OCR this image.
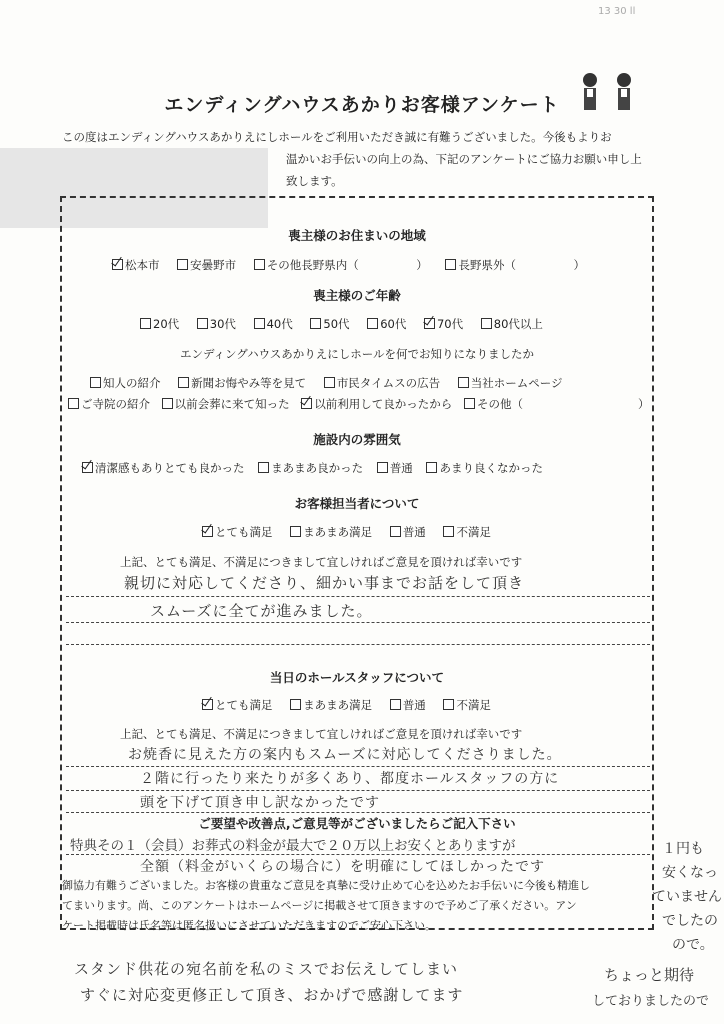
13 30 ll
エンディングハウスあかりお客様アンケート
この度はエンディングハウスあかりえにしホールをご利用いただき誠に有難うございました。今後もよりお
温かいお手伝いの向上の為、下記のアンケートにご協力お願い申し上
致します。
喪主様のお住まいの地域
松本市	安曇野市	その他長野県内（　　　　　）	長野県外（　　　　　）
喪主様のご年齢
20代	30代	40代	50代	60代	70代	80代以上
エンディングハウスあかりえにしホールを何でお知りになりましたか
知人の紹介	新聞お悔やみ等を見て	市民タイムスの広告	当社ホームページ
ご寺院の紹介 以前会葬に来て知った 以前利用して良かったから その他（　　　　　　　　　　）
施設内の雰囲気
清潔感もありとても良かった まあまあ良かった 普通 あまり良くなかった
お客様担当者について
とても満足	まあまあ満足	普通	不満足
上記、とても満足、不満足につきまして宜しければご意見を頂ければ幸いです
親切に対応してくださり、細かい事までお話をして頂き
スムーズに全てが進みました。
当日のホールスタッフについて
とても満足	まあまあ満足	普通	不満足
上記、とても満足、不満足につきまして宜しければご意見を頂ければ幸いです
お焼香に見えた方の案内もスムーズに対応してくださりました。
２階に行ったり来たりが多くあり、都度ホールスタッフの方に
頭を下げて頂き申し訳なかったです
ご要望や改善点,ご意見等がございましたらご記入下さい
特典その１（会員）お葬式の料金が最大で２０万以上お安くとありますが
全額（料金がいくらの場合に）を明確にしてほしかったです
御協力有難うございました。お客様の貴重なご意見を真摯に受け止めて心を込めたお手伝いに今後も精進し
てまいります。尚、このアンケートはホームページに掲載させて頂きますので予めご了承ください。アン
ケート掲載時は氏名等は匿名扱いにさせていただきますのでご安心下さい。
スタンド供花の宛名前を私のミスでお伝えしてしまい
すぐに対応変更修正して頂き、おかげで感謝してます
１円も
安くなっ
ていません
でしたの
ので。
ちょっと期待
しておりましたので
